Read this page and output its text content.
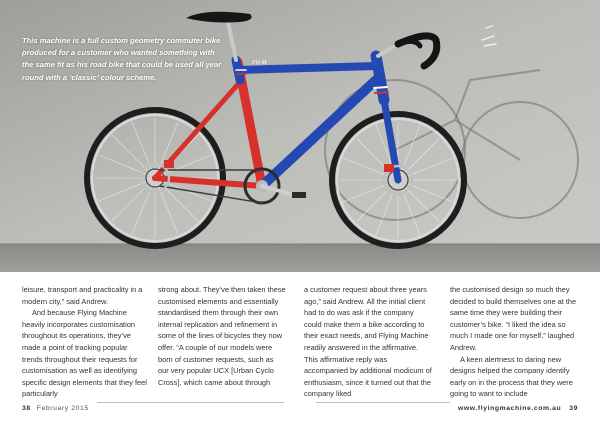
Fly·M
This machine is a full custom geometry commuter bike produced for a customer who wanted something with the same fit as his road bike that could be used all year round with a ‘classic’ colour scheme.

leisure, transport and practicality in a modern city,” said Andrew.

And because Flying Machine heavily incorporates customisation throughout its operations, they’ve made a point of tracking popular trends throughout their requests for customisation as well as identifying specific design elements that they feel particularly

strong about. They’ve then taken these customised elements and essentially standardised them through their own internal replication and refinement in some of the lines of bicycles they now offer. “A couple of our models were born of customer requests, such as our very popular UCX [Urban Cyclo Cross], which came about through

a customer request about three years ago,” said Andrew. All the initial client had to do was ask if the company could make them a bike according to their exact needs, and Flying Machine readily answered in the affirmative. This affirmative reply was accompanied by additional modicum of enthusiasm, since it turned out that the company liked

the customised design so much they decided to build themselves one at the same time they were building their customer’s bike. “I liked the idea so much I made one for myself,” laughed Andrew.

A keen alertness to daring new designs helped the company identify early on in the process that they were going to want to include

38 February 2015	www.flyingmachine.com.au 39
